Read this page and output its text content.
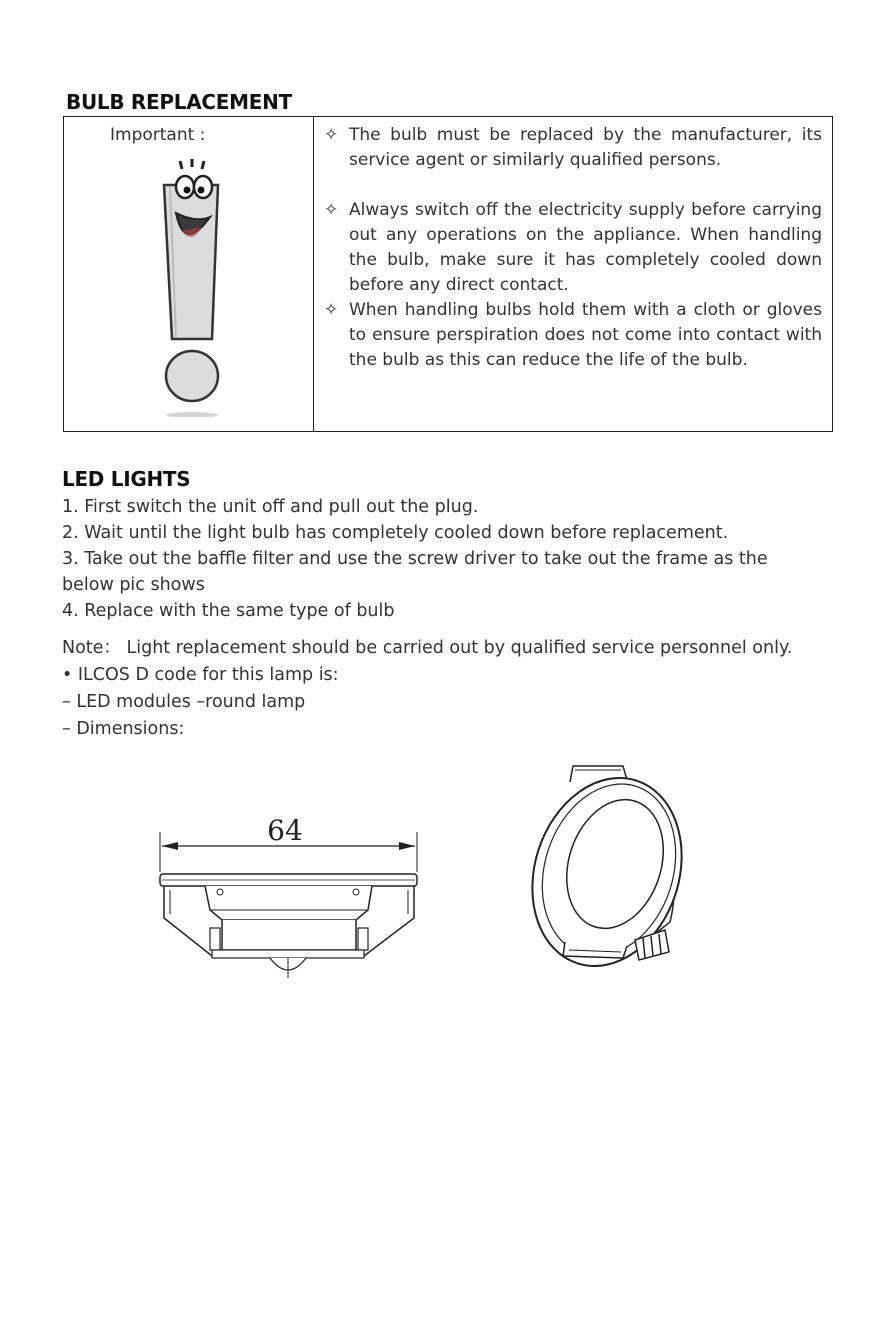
BULB REPLACEMENT
Important :	✧ The bulb must be replaced by the manufacturer, its service agent or similarly qualified persons.
✧ Always switch off the electricity supply before carrying out any operations on the appliance. When handling the bulb, make sure it has completely cooled down before any direct contact.
✧ When handling bulbs hold them with a cloth or gloves to ensure perspiration does not come into contact with the bulb as this can reduce the life of the bulb.
LED LIGHTS
1. First switch the unit off and pull out the plug.
2. Wait until the light bulb has completely cooled down before replacement.
3. Take out the baffle filter and use the screw driver to take out the frame as the below pic shows
4. Replace with the same type of bulb
Note： Light replacement should be carried out by qualified service personnel only.
• ILCOS D code for this lamp is:
– LED modules –round lamp
– Dimensions:
64
